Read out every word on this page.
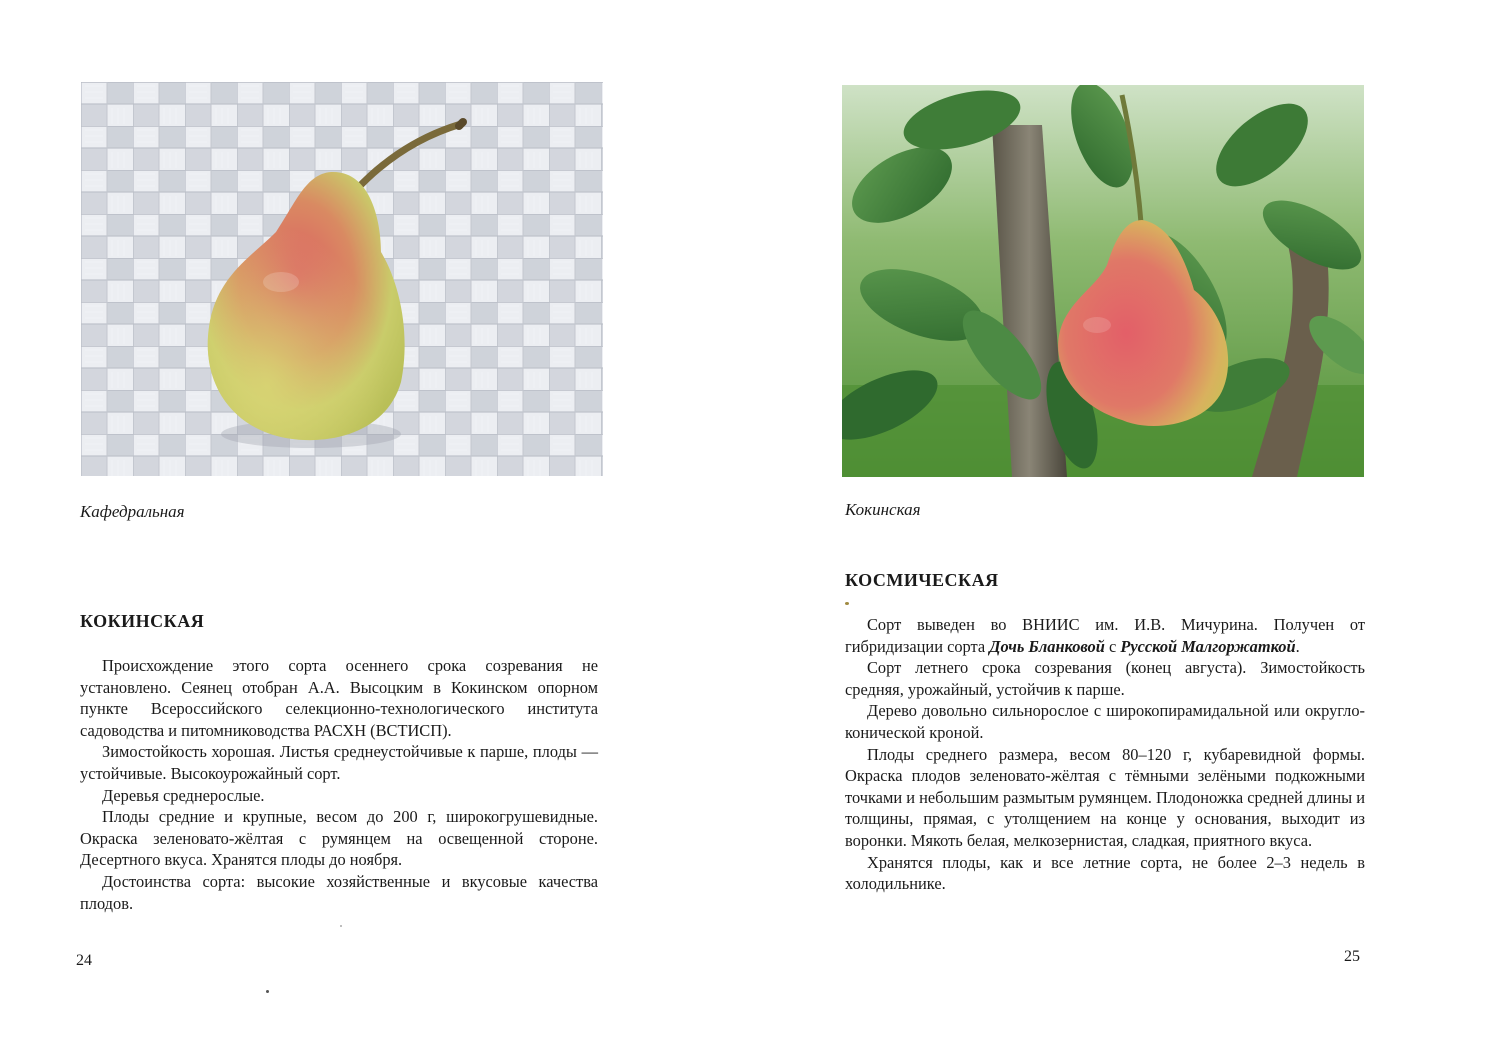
Кафедральная
КОКИНСКАЯ

Происхождение этого сорта осеннего срока созревания не установлено. Сеянец отобран А.А. Высоцким в Кокинском опорном пункте Всероссийского селекционно-технологического института садоводства и питомниководства РАСХН (ВСТИСП).

Зимостойкость хорошая. Листья среднеустойчивые к парше, плоды — устойчивые. Высокоурожайный сорт.

Деревья среднерослые.

Плоды средние и крупные, весом до 200 г, широкогрушевидные. Окраска зеленовато-жёлтая с румянцем на освещенной стороне. Десертного вкуса. Хранятся плоды до ноября.

Достоинства сорта: высокие хозяйственные и вкусовые качества плодов.

24
Кокинская
КОСМИЧЕСКАЯ

Сорт выведен во ВНИИС им. И.В. Мичурина. Получен от гибридизации сорта Дочь Бланковой с Русской Малгоржаткой.

Сорт летнего срока созревания (конец августа). Зимостойкость средняя, урожайный, устойчив к парше.

Дерево довольно сильнорослое с широкопирамидальной или округло-конической кроной.

Плоды среднего размера, весом 80–120 г, кубаревидной формы. Окраска плодов зеленовато-жёлтая с тёмными зелёными подкожными точками и небольшим размытым румянцем. Плодоножка средней длины и толщины, прямая, с утолщением на конце у основания, выходит из воронки. Мякоть белая, мелкозернистая, сладкая, приятного вкуса.

Хранятся плоды, как и все летние сорта, не более 2–3 недель в холодильнике.

25
